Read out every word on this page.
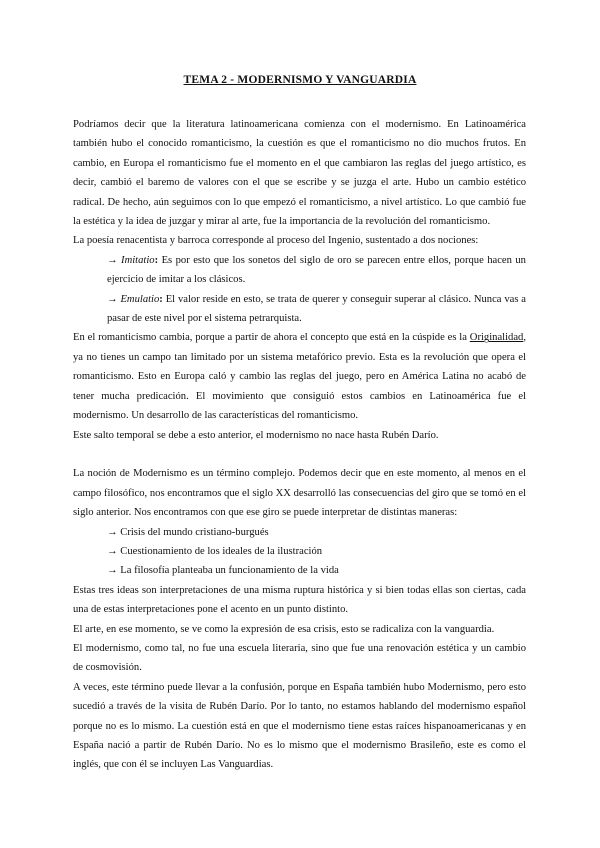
TEMA 2 - MODERNISMO Y VANGUARDIA

Podríamos decir que la literatura latinoamericana comienza con el modernismo. En Latinoamérica también hubo el conocido romanticismo, la cuestión es que el romanticismo no dio muchos frutos. En cambio, en Europa el romanticismo fue el momento en el que cambiaron las reglas del juego artístico, es decir, cambió el baremo de valores con el que se escribe y se juzga el arte. Hubo un cambio estético radical. De hecho, aún seguimos con lo que empezó el romanticismo, a nivel artístico. Lo que cambió fue la estética y la idea de juzgar y mirar al arte, fue la importancia de la revolución del romanticismo.

La poesía renacentista y barroca corresponde al proceso del Ingenio, sustentado a dos nociones:

→ Imitatio: Es por esto que los sonetos del siglo de oro se parecen entre ellos, porque hacen un ejercicio de imitar a los clásicos.

→ Emulatio: El valor reside en esto, se trata de querer y conseguir superar al clásico. Nunca vas a pasar de este nivel por el sistema petrarquista.

En el romanticismo cambia, porque a partir de ahora el concepto que está en la cúspide es la Originalidad, ya no tienes un campo tan limitado por un sistema metafórico previo. Esta es la revolución que opera el romanticismo. Esto en Europa caló y cambio las reglas del juego, pero en América Latina no acabó de tener mucha predicación. El movimiento que consiguió estos cambios en Latinoamérica fue el modernismo. Un desarrollo de las características del romanticismo.

Este salto temporal se debe a esto anterior, el modernismo no nace hasta Rubén Darío.

La noción de Modernismo es un término complejo. Podemos decir que en este momento, al menos en el campo filosófico, nos encontramos que el siglo XX desarrolló las consecuencias del giro que se tomó en el siglo anterior. Nos encontramos con que ese giro se puede interpretar de distintas maneras:

→ Crisis del mundo cristiano-burgués

→ Cuestionamiento de los ideales de la ilustración

→ La filosofía planteaba un funcionamiento de la vida

Estas tres ideas son interpretaciones de una misma ruptura histórica y si bien todas ellas son ciertas, cada una de estas interpretaciones pone el acento en un punto distinto.

El arte, en ese momento, se ve como la expresión de esa crisis, esto se radicaliza con la vanguardia.

El modernismo, como tal, no fue una escuela literaria, sino que fue una renovación estética y un cambio de cosmovisión.

A veces, este término puede llevar a la confusión, porque en España también hubo Modernismo, pero esto sucedió a través de la visita de Rubén Darío. Por lo tanto, no estamos hablando del modernismo español porque no es lo mismo. La cuestión está en que el modernismo tiene estas raíces hispanoamericanas y en España nació a partir de Rubén Darío. No es lo mismo que el modernismo Brasileño, este es como el inglés, que con él se incluyen Las Vanguardias.
